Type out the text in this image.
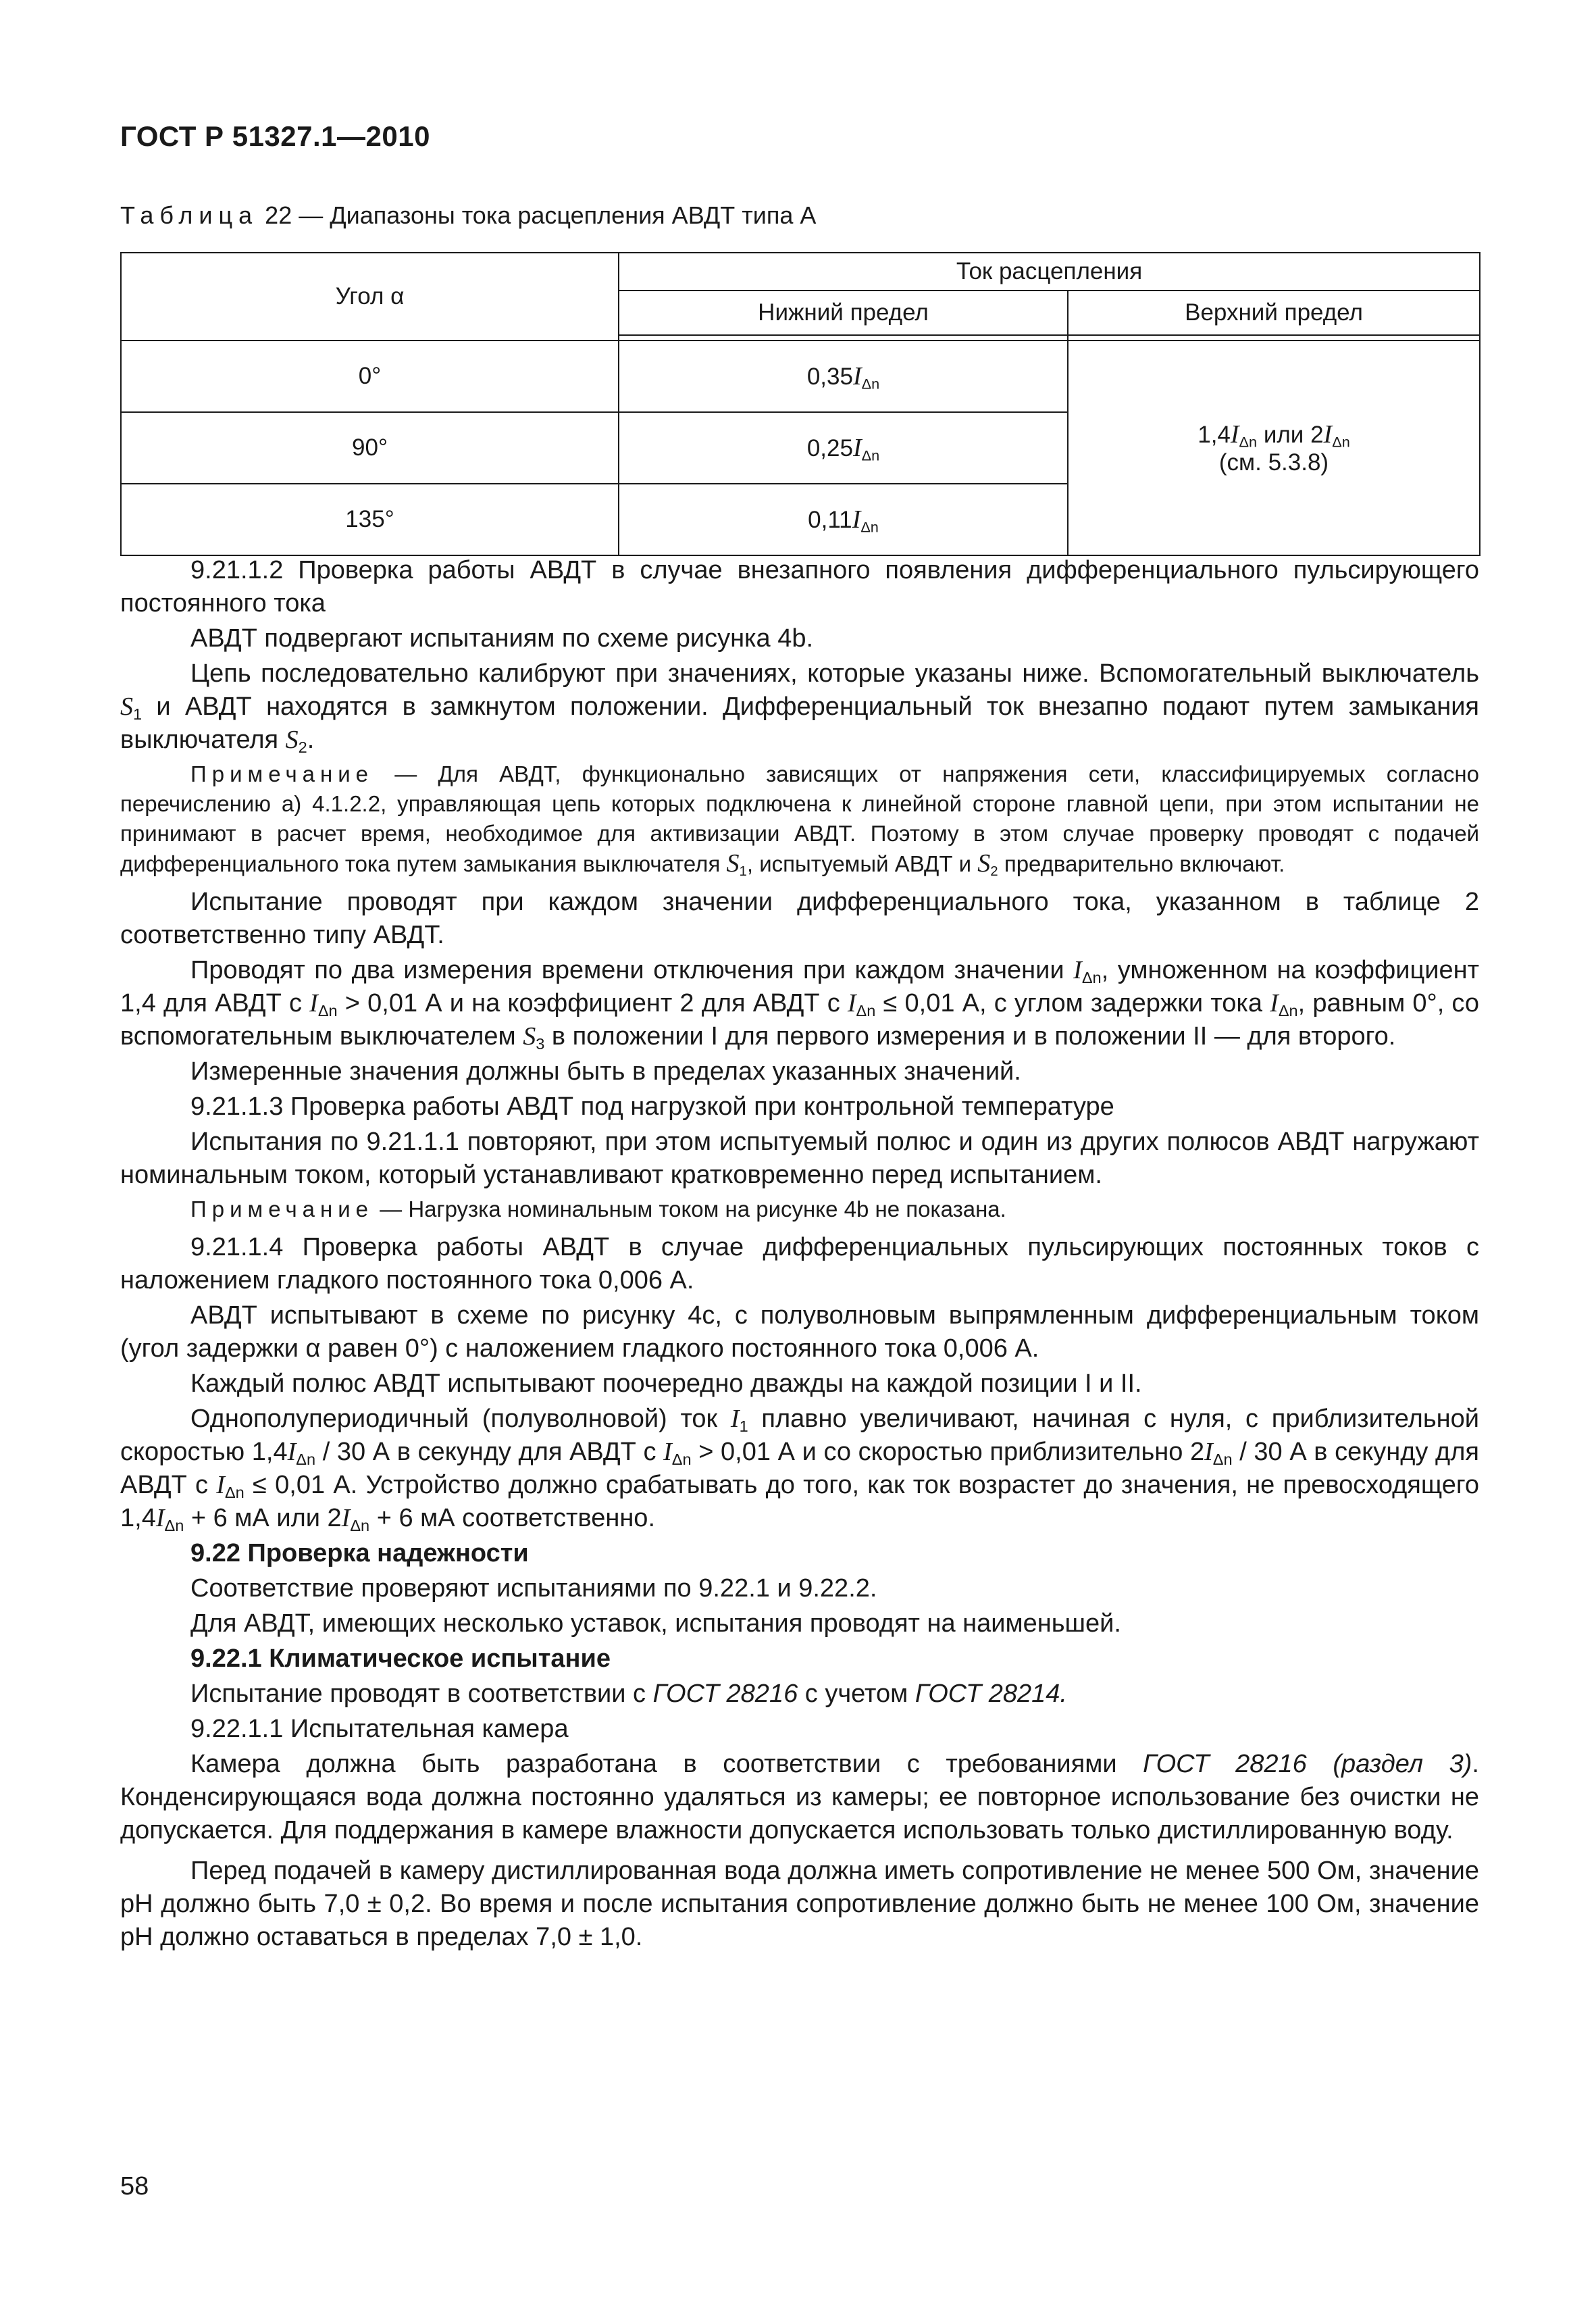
ГОСТ Р 51327.1—2010
Таблица 22 — Диапазоны тока расцепления АВДТ типа А
Угол α	Ток расцепления	
	Нижний предел	Верхний предел

0°	$0,35I_{\Delta n}$	$1,4I_{\Delta n}$ или $2I_{\Delta n}$
(см. 5.3.8)

90°	$0,25I_{\Delta n}$
135°	$0,11I_{\Delta n}$

9.21.1.2 Проверка работы АВДТ в случае внезапного появления дифференциального пульсирующего постоянного тока

АВДТ подвергают испытаниям по схеме рисунка 4b.

Цепь последовательно калибруют при значениях, которые указаны ниже. Вспомогательный выключатель $S_1$ и АВДТ находятся в замкнутом положении. Дифференциальный ток внезапно подают путем замыкания выключателя $S_2$.

Примечание — Для АВДТ, функционально зависящих от напряжения сети, классифицируемых согласно перечислению а) 4.1.2.2, управляющая цепь которых подключена к линейной стороне главной цепи, при этом испытании не принимают в расчет время, необходимое для активизации АВДТ. Поэтому в этом случае проверку проводят с подачей дифференциального тока путем замыкания выключателя $S_1$, испытуемый АВДТ и $S_2$ предварительно включают.

Испытание проводят при каждом значении дифференциального тока, указанном в таблице 2 соответственно типу АВДТ.

Проводят по два измерения времени отключения при каждом значении $I_{\Delta n}$, умноженном на коэффициент 1,4 для АВДТ с $I_{\Delta n} > 0,01$ А и на коэффициент 2 для АВДТ с $I_{\Delta n} \le 0,01$ А, с углом задержки тока $I_{\Delta n}$, равным 0°, со вспомогательным выключателем $S_3$ в положении I для первого измерения и в положении II — для второго.

Измеренные значения должны быть в пределах указанных значений.

9.21.1.3 Проверка работы АВДТ под нагрузкой при контрольной температуре

Испытания по 9.21.1.1 повторяют, при этом испытуемый полюс и один из других полюсов АВДТ нагружают номинальным током, который устанавливают кратковременно перед испытанием.

Примечание — Нагрузка номинальным током на рисунке 4b не показана.

9.21.1.4 Проверка работы АВДТ в случае дифференциальных пульсирующих постоянных токов с наложением гладкого постоянного тока 0,006 А.

АВДТ испытывают в схеме по рисунку 4с, с полуволновым выпрямленным дифференциальным током (угол задержки α равен 0°) с наложением гладкого постоянного тока 0,006 А.

Каждый полюс АВДТ испытывают поочередно дважды на каждой позиции I и II.

Однополупериодичный (полуволновой) ток $I_1$ плавно увеличивают, начиная с нуля, с приблизительной скоростью $1,4I_{\Delta n} / 30$ А в секунду для АВДТ с $I_{\Delta n} > 0,01$ А и со скоростью приблизительно $2I_{\Delta n} / 30$ А в секунду для АВДТ с $I_{\Delta n} \le 0,01$ А. Устройство должно срабатывать до того, как ток возрастет до значения, не превосходящего $1,4I_{\Delta n} + 6$ мА или $2I_{\Delta n} + 6$ мА соответственно.

9.22 Проверка надежности

Соответствие проверяют испытаниями по 9.22.1 и 9.22.2.

Для АВДТ, имеющих несколько уставок, испытания проводят на наименьшей.

9.22.1 Климатическое испытание

Испытание проводят в соответствии с ГОСТ 28216 с учетом ГОСТ 28214.

9.22.1.1 Испытательная камера

Камера должна быть разработана в соответствии с требованиями ГОСТ 28216 (раздел 3). Конденсирующаяся вода должна постоянно удаляться из камеры; ее повторное использование без очистки не допускается. Для поддержания в камере влажности допускается использовать только дистиллированную воду.

Перед подачей в камеру дистиллированная вода должна иметь сопротивление не менее 500 Ом, значение рН должно быть 7,0 ± 0,2. Во время и после испытания сопротивление должно быть не менее 100 Ом, значение рН должно оставаться в пределах 7,0 ± 1,0.

58
